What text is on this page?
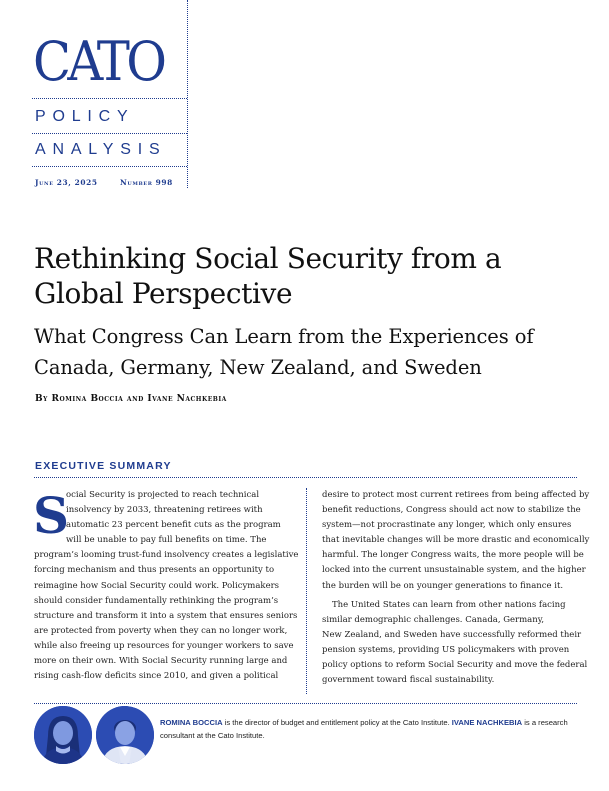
CATO
POLICY
ANALYSIS
June 23, 2025	Number 998
Rethinking Social Security from a
Global Perspective
What Congress Can Learn from the Experiences of
Canada, Germany, New Zealand, and Sweden
By Romina Boccia and Ivane Nachkebia
EXECUTIVE SUMMARY
S
ocial Security is projected to reach technical
insolvency by 2033, threatening retirees with
automatic 23 percent benefit cuts as the program
will be unable to pay full benefits on time. The
program’s looming trust-fund insolvency creates a legislative
forcing mechanism and thus presents an opportunity to
reimagine how Social Security could work. Policymakers
should consider fundamentally rethinking the program’s
structure and transform it into a system that ensures seniors
are protected from poverty when they can no longer work,
while also freeing up resources for younger workers to save
more on their own. With Social Security running large and
rising cash-flow deficits since 2010, and given a political
desire to protect most current retirees from being affected by
benefit reductions, Congress should act now to stabilize the
system—not procrastinate any longer, which only ensures
that inevitable changes will be more drastic and economically
harmful. The longer Congress waits, the more people will be
locked into the current unsustainable system, and the higher
the burden will be on younger generations to finance it.
The United States can learn from other nations facing
similar demographic challenges. Canada, Germany,
New Zealand, and Sweden have successfully reformed their
pension systems, providing US policymakers with proven
policy options to reform Social Security and move the federal
government toward fiscal sustainability.
ROMINA BOCCIA is the director of budget and entitlement policy at the Cato Institute. IVANE NACHKEBIA is a research consultant at the Cato Institute.
